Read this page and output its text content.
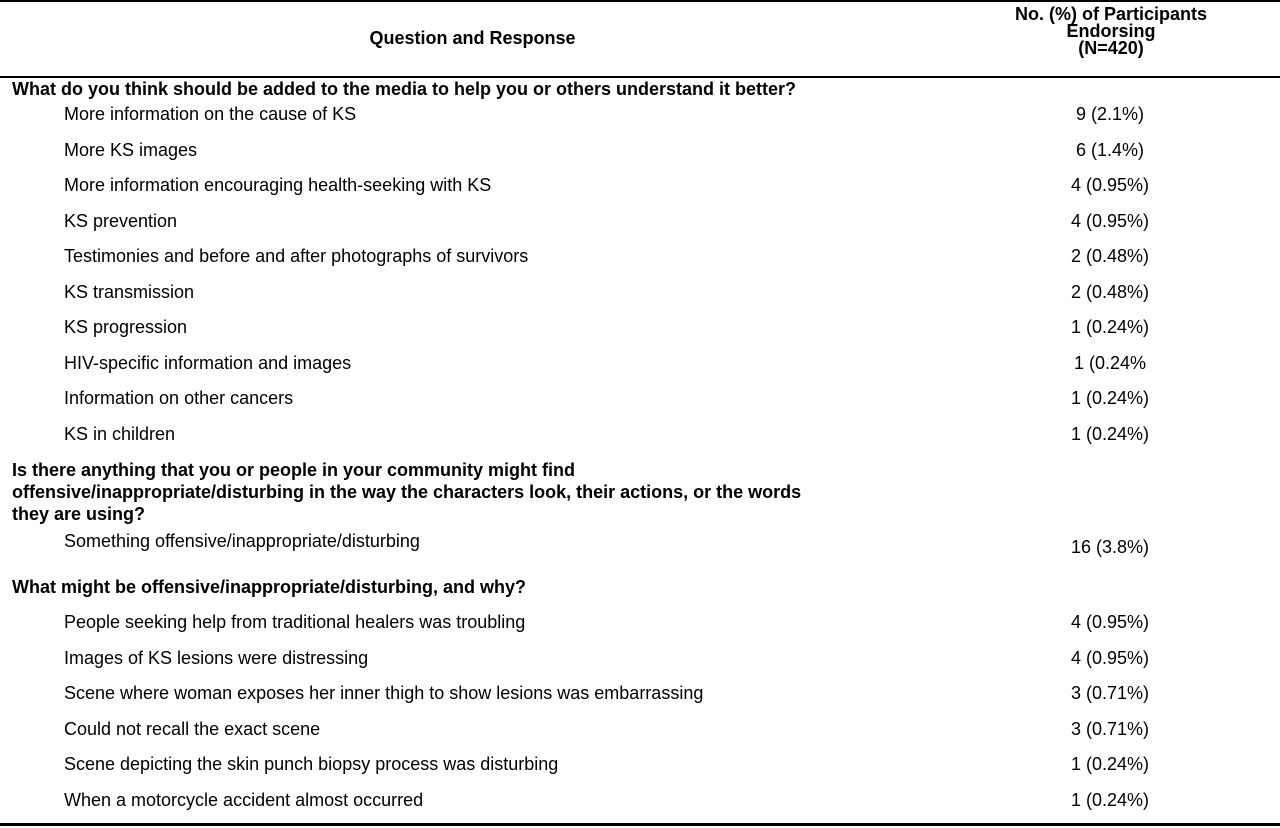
Question and Response
No. (%) of Participants
Endorsing
(N=420)
What do you think should be added to the media to help you or others understand it better?
More information on the cause of KS	9 (2.1%)
More KS images	6 (1.4%)
More information encouraging health-seeking with KS	4 (0.95%)
KS prevention	4 (0.95%)
Testimonies and before and after photographs of survivors	2 (0.48%)
KS transmission	2 (0.48%)
KS progression	1 (0.24%)
HIV-specific information and images	1 (0.24%
Information on other cancers	1 (0.24%)
KS in children	1 (0.24%)
Is there anything that you or people in your community might find
offensive/inappropriate/disturbing in the way the characters look, their actions, or the words
they are using?
Something offensive/inappropriate/disturbing	16 (3.8%)
What might be offensive/inappropriate/disturbing, and why?
People seeking help from traditional healers was troubling	4 (0.95%)
Images of KS lesions were distressing	4 (0.95%)
Scene where woman exposes her inner thigh to show lesions was embarrassing	3 (0.71%)
Could not recall the exact scene	3 (0.71%)
Scene depicting the skin punch biopsy process was disturbing	1 (0.24%)
When a motorcycle accident almost occurred	1 (0.24%)
